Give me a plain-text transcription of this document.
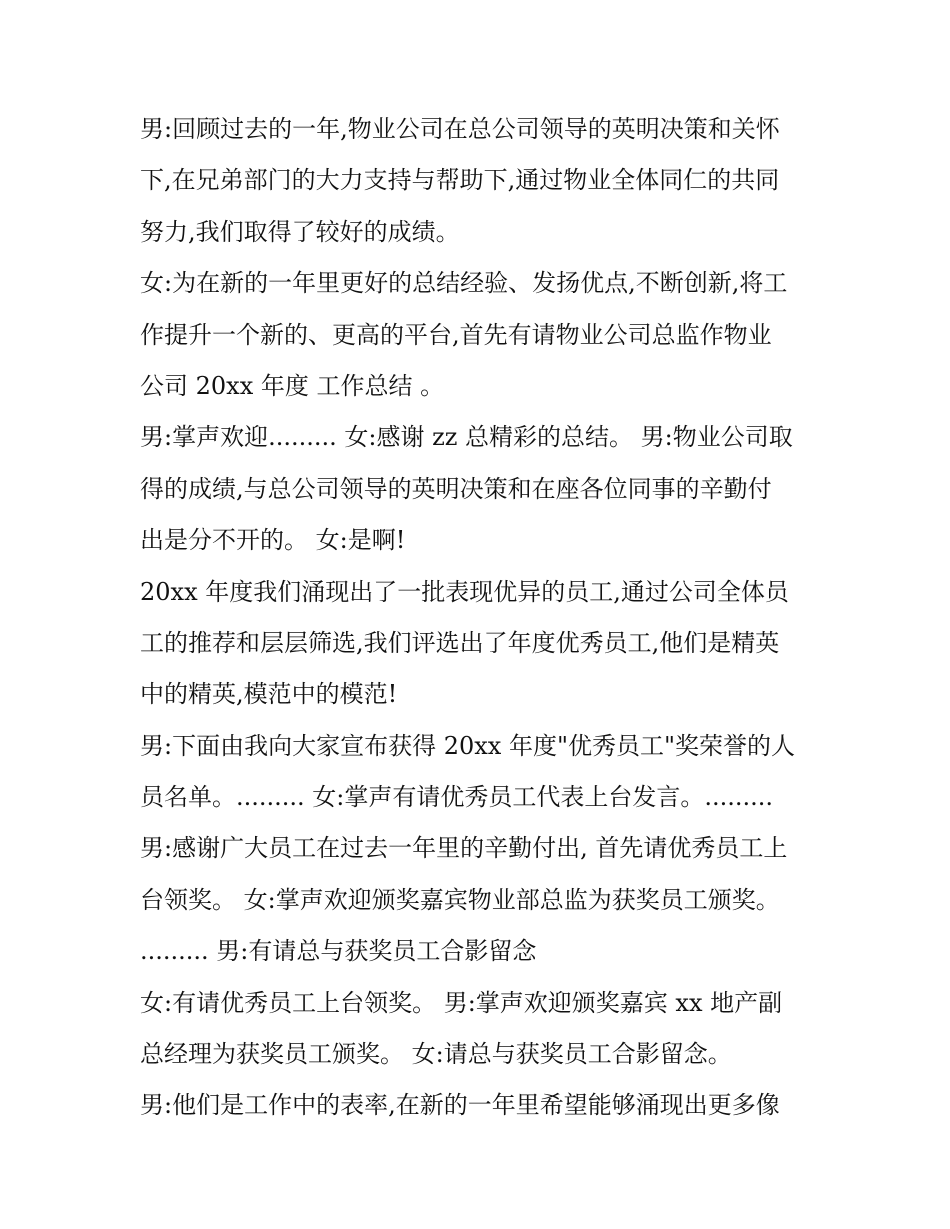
男:回顾过去的一年,物业公司在总公司领导的英明决策和关怀
下,在兄弟部门的大力支持与帮助下,通过物业全体同仁的共同
努力,我们取得了较好的成绩。
女:为在新的一年里更好的总结经验、发扬优点,不断创新,将工
作提升一个新的、更高的平台,首先有请物业公司总监作物业
公司 20xx 年度 工作总结 。
男:掌声欢迎......... 女:感谢 zz 总精彩的总结。 男:物业公司取
得的成绩,与总公司领导的英明决策和在座各位同事的辛勤付
出是分不开的。 女:是啊!
20xx 年度我们涌现出了一批表现优异的员工,通过公司全体员
工的推荐和层层筛选,我们评选出了年度优秀员工,他们是精英
中的精英,模范中的模范!
男:下面由我向大家宣布获得 20xx 年度"优秀员工"奖荣誉的人
员名单。......... 女:掌声有请优秀员工代表上台发言。.........
男:感谢广大员工在过去一年里的辛勤付出, 首先请优秀员工上
台领奖。 女:掌声欢迎颁奖嘉宾物业部总监为获奖员工颁奖。
......... 男:有请总与获奖员工合影留念
女:有请优秀员工上台领奖。 男:掌声欢迎颁奖嘉宾 xx 地产副
总经理为获奖员工颁奖。 女:请总与获奖员工合影留念。
男:他们是工作中的表率,在新的一年里希望能够涌现出更多像
